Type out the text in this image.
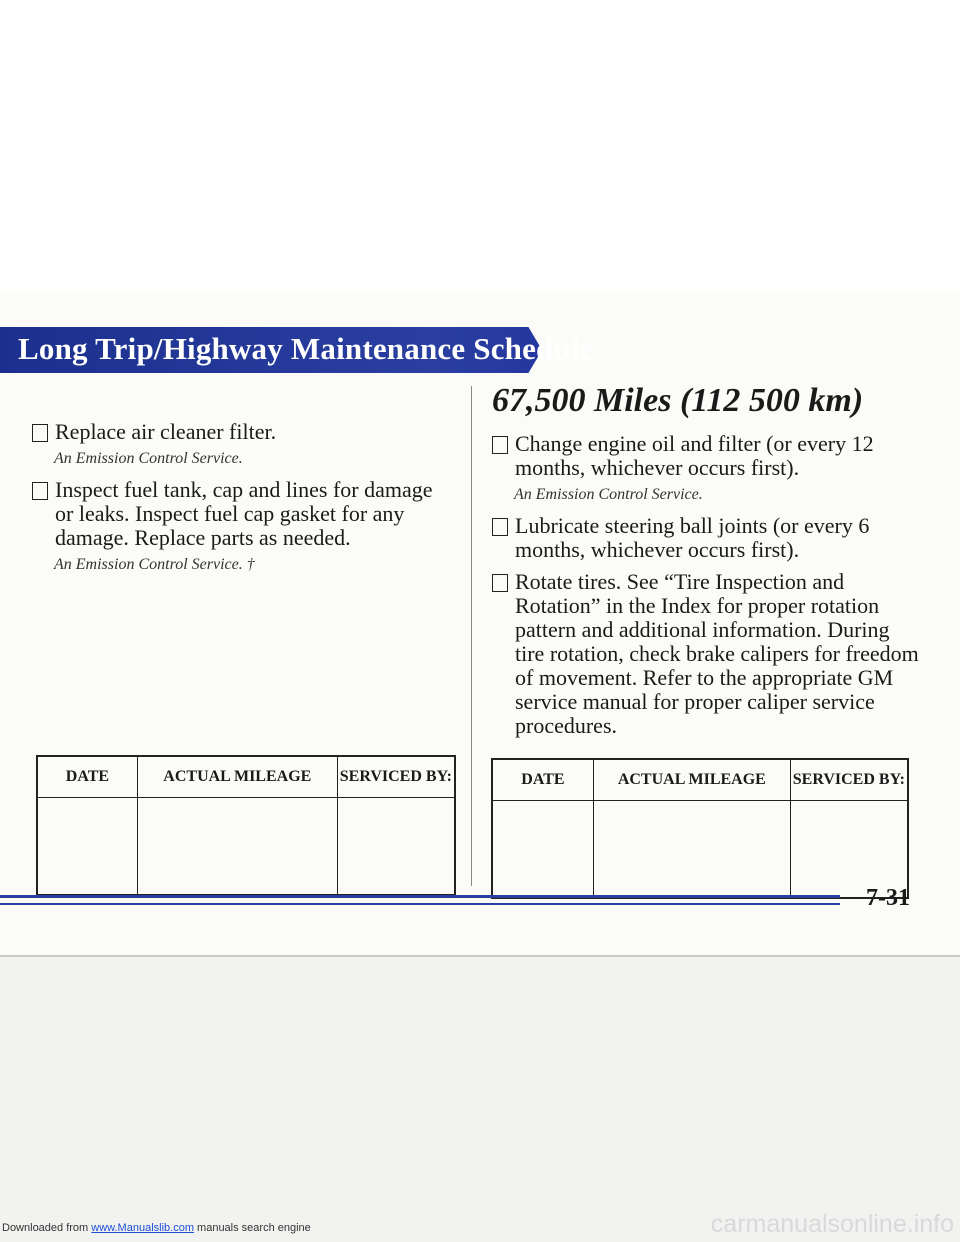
Long Trip/Highway Maintenance Schedule
Replace air cleaner filter.
An Emission Control Service.
Inspect fuel tank, cap and lines for damage or leaks. Inspect fuel cap gasket for any damage. Replace parts as needed.
An Emission Control Service. †
DATE	ACTUAL MILEAGE	SERVICED BY:

67,500 Miles (112 500 km)
Change engine oil and filter (or every 12 months, whichever occurs first).
An Emission Control Service.
Lubricate steering ball joints (or every 6 months, whichever occurs first).
Rotate tires. See “Tire Inspection and Rotation” in the Index for proper rotation pattern and additional information. During tire rotation, check brake calipers for freedom of movement. Refer to the appropriate GM service manual for proper caliper service procedures.
DATE	ACTUAL MILEAGE	SERVICED BY:

7-31
Downloaded from www.Manualslib.com manuals search engine	carmanualsonline.info
